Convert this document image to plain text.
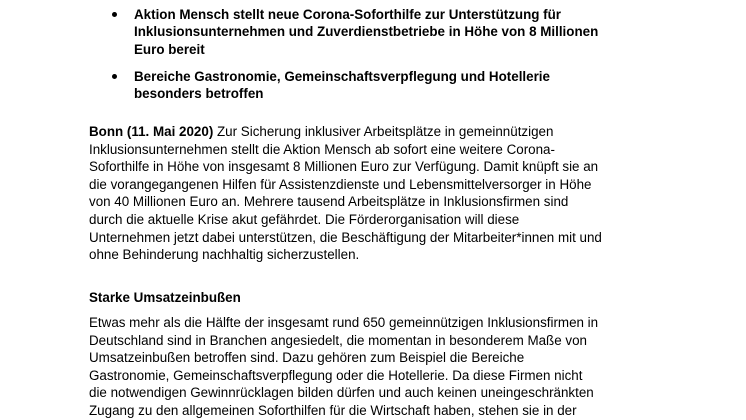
Aktion Mensch stellt neue Corona-Soforthilfe zur Unterstützung für
Inklusionsunternehmen und Zuverdienstbetriebe in Höhe von 8 Millionen
Euro bereit
Bereiche Gastronomie, Gemeinschaftsverpflegung und Hotellerie
besonders betroffen

Bonn (11. Mai 2020) Zur Sicherung inklusiver Arbeitsplätze in gemeinnützigen
Inklusionsunternehmen stellt die Aktion Mensch ab sofort eine weitere Corona-
Soforthilfe in Höhe von insgesamt 8 Millionen Euro zur Verfügung. Damit knüpft sie an
die vorangegangenen Hilfen für Assistenzdienste und Lebensmittelversorger in Höhe
von 40 Millionen Euro an. Mehrere tausend Arbeitsplätze in Inklusionsfirmen sind
durch die aktuelle Krise akut gefährdet. Die Förderorganisation will diese
Unternehmen jetzt dabei unterstützen, die Beschäftigung der Mitarbeiter*innen mit und
ohne Behinderung nachhaltig sicherzustellen.

Starke Umsatzeinbußen

Etwas mehr als die Hälfte der insgesamt rund 650 gemeinnützigen Inklusionsfirmen in
Deutschland sind in Branchen angesiedelt, die momentan in besonderem Maße von
Umsatzeinbußen betroffen sind. Dazu gehören zum Beispiel die Bereiche
Gastronomie, Gemeinschaftsverpflegung oder die Hotellerie. Da diese Firmen nicht
die notwendigen Gewinnrücklagen bilden dürfen und auch keinen uneingeschränkten
Zugang zu den allgemeinen Soforthilfen für die Wirtschaft haben, stehen sie in der
